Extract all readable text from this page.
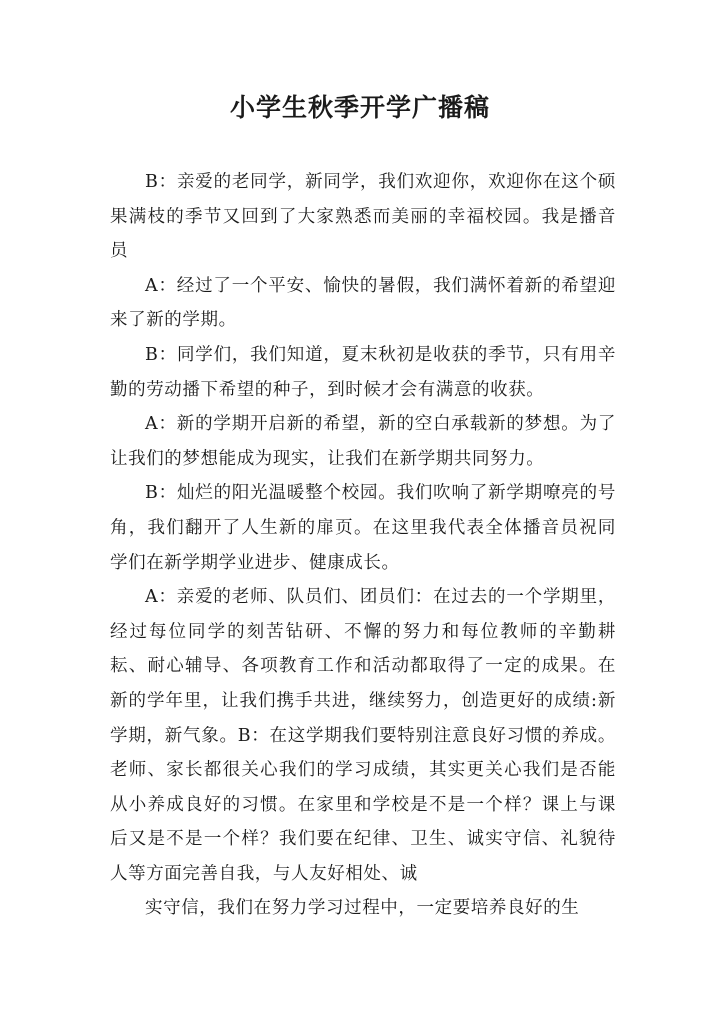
小学生秋季开学广播稿

B：亲爱的老同学，新同学，我们欢迎你，欢迎你在这个硕果满枝的季节又回到了大家熟悉而美丽的幸福校园。我是播音员

A：经过了一个平安、愉快的暑假，我们满怀着新的希望迎来了新的学期。

B：同学们，我们知道，夏末秋初是收获的季节，只有用辛勤的劳动播下希望的种子，到时候才会有满意的收获。

A：新的学期开启新的希望，新的空白承载新的梦想。为了让我们的梦想能成为现实，让我们在新学期共同努力。

B：灿烂的阳光温暖整个校园。我们吹响了新学期嘹亮的号角，我们翻开了人生新的扉页。在这里我代表全体播音员祝同学们在新学期学业进步、健康成长。

A：亲爱的老师、队员们、团员们：在过去的一个学期里，经过每位同学的刻苦钻研、不懈的努力和每位教师的辛勤耕耘、耐心辅导、各项教育工作和活动都取得了一定的成果。在新的学年里，让我们携手共进，继续努力，创造更好的成绩:新学期，新气象。B：在这学期我们要特别注意良好习惯的养成。老师、家长都很关心我们的学习成绩，其实更关心我们是否能从小养成良好的习惯。在家里和学校是不是一个样？课上与课后又是不是一个样？我们要在纪律、卫生、诚实守信、礼貌待人等方面完善自我，与人友好相处、诚

实守信，我们在努力学习过程中，一定要培养良好的生
